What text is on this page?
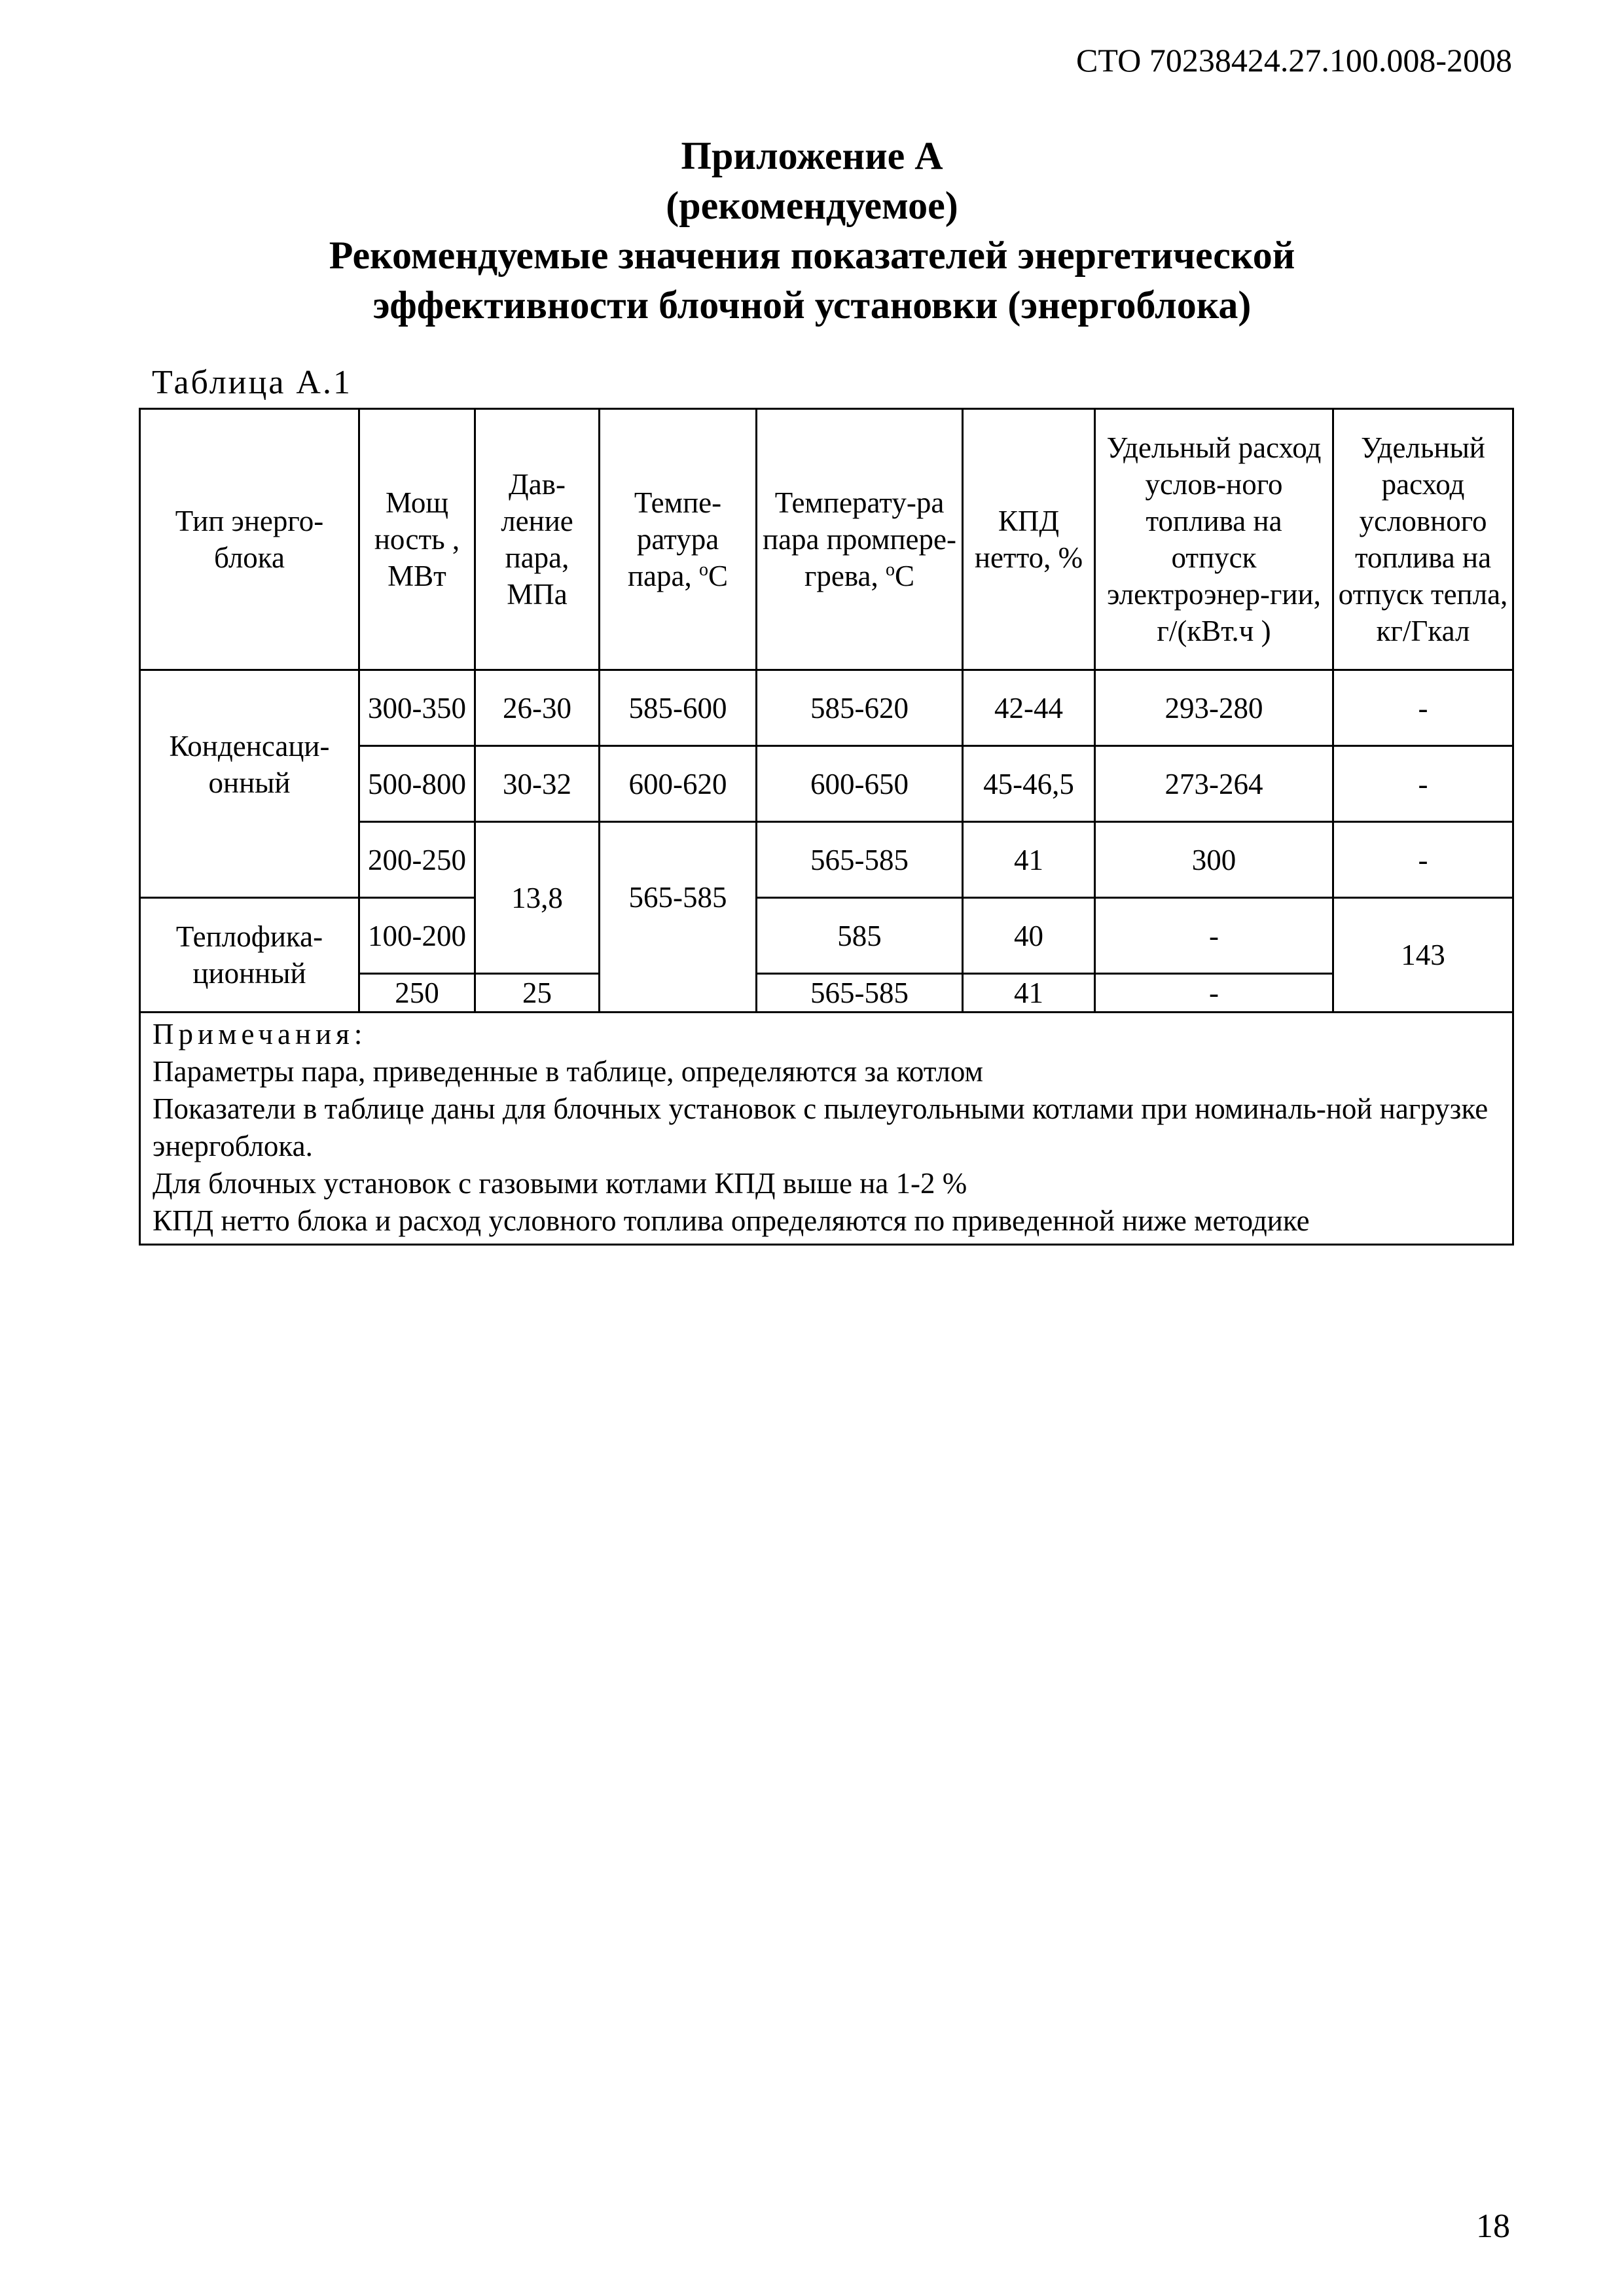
СТО 70238424.27.100.008-2008
Приложение А
(рекомендуемое)
Рекомендуемые значения показателей энергетической
эффективности блочной установки (энергоблока)
Таблица А.1
Тип энерго-блока	Мощ ность , МВт	Дав-ление пара, МПа	Темпе-ратура пара, $^o$С	Температу-ра пара промпере-грева, $^o$С	КПД нетто, %	Удельный расход услов-ного топлива на отпуск электроэнер-гии, г/(кВт.ч )	Удельный расход условного топлива на отпуск тепла, кг/Гкал
Конденсаци-онный	300-350	26-30	585-600	585-620	42-44	293-280	-
	500-800	30-32	600-620	600-650	45-46,5	273-264	-
	200-250	13,8	565-585	565-585	41	300	-
Теплофика-ционный	100-200			585	40	-	143
	250	25		565-585	41	-	

Примечания:
Параметры пара, приведенные в таблице, определяются за котлом
Показатели в таблице даны для блочных установок с пылеугольными котлами при номиналь-ной нагрузке энергоблока.
Для блочных установок с газовыми котлами КПД выше на 1-2 %
КПД нетто блока и расход условного топлива определяются по приведенной ниже методике							
18
